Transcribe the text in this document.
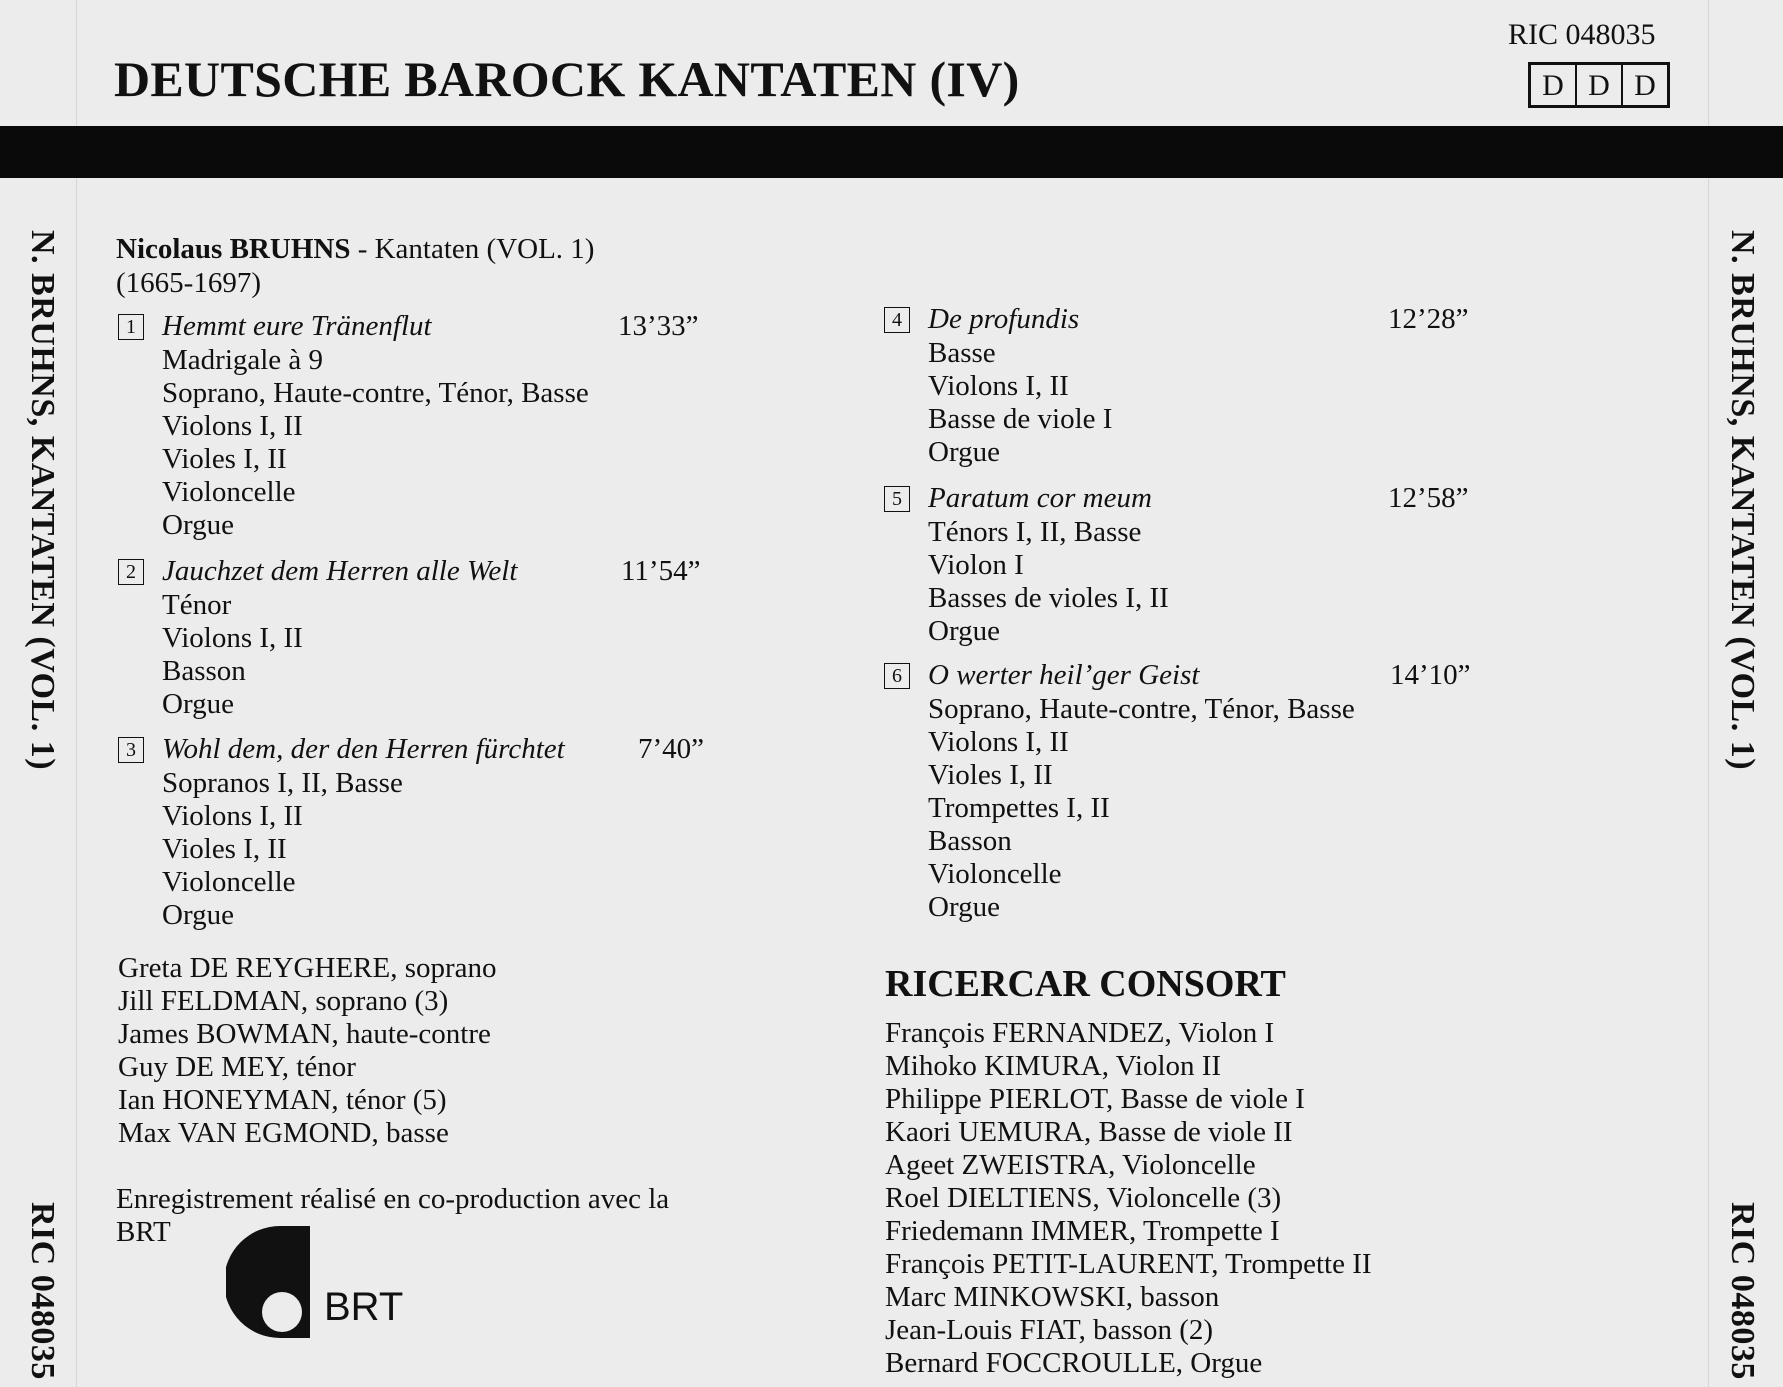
N. BRUHNS, KANTATEN (VOL. 1)
RIC 048035
N. BRUHNS, KANTATEN (VOL. 1)
RIC 048035
DEUTSCHE BAROCK KANTATEN (IV)
RIC 048035
D D D
Nicolaus BRUHNS - Kantaten (VOL. 1)
(1665-1697)
1 Hemmt eure Tränenflut	13’33”
Madrigale à 9
Soprano, Haute-contre, Ténor, Basse
Violons I, II
Violes I, II
Violoncelle
Orgue
2 Jauchzet dem Herren alle Welt	11’54”
Ténor
Violons I, II
Basson
Orgue
3 Wohl dem, der den Herren fürchtet	7’40”
Sopranos I, II, Basse
Violons I, II
Violes I, II
Violoncelle
Orgue
4 De profundis	12’28”
Basse
Violons I, II
Basse de viole I
Orgue
5 Paratum cor meum	12’58”
Ténors I, II, Basse
Violon I
Basses de violes I, II
Orgue
6 O werter heil’ger Geist	14’10”
Soprano, Haute-contre, Ténor, Basse
Violons I, II
Violes I, II
Trompettes I, II
Basson
Violoncelle
Orgue
Greta DE REYGHERE, soprano
Jill FELDMAN, soprano (3)
James BOWMAN, haute-contre
Guy DE MEY, ténor
Ian HONEYMAN, ténor (5)
Max VAN EGMOND, basse
Enregistrement réalisé en co-production avec la BRT
BRT
RICERCAR CONSORT
François FERNANDEZ, Violon I
Mihoko KIMURA, Violon II
Philippe PIERLOT, Basse de viole I
Kaori UEMURA, Basse de viole II
Ageet ZWEISTRA, Violoncelle
Roel DIELTIENS, Violoncelle (3)
Friedemann IMMER, Trompette I
François PETIT-LAURENT, Trompette II
Marc MINKOWSKI, basson
Jean-Louis FIAT, basson (2)
Bernard FOCCROULLE, Orgue
